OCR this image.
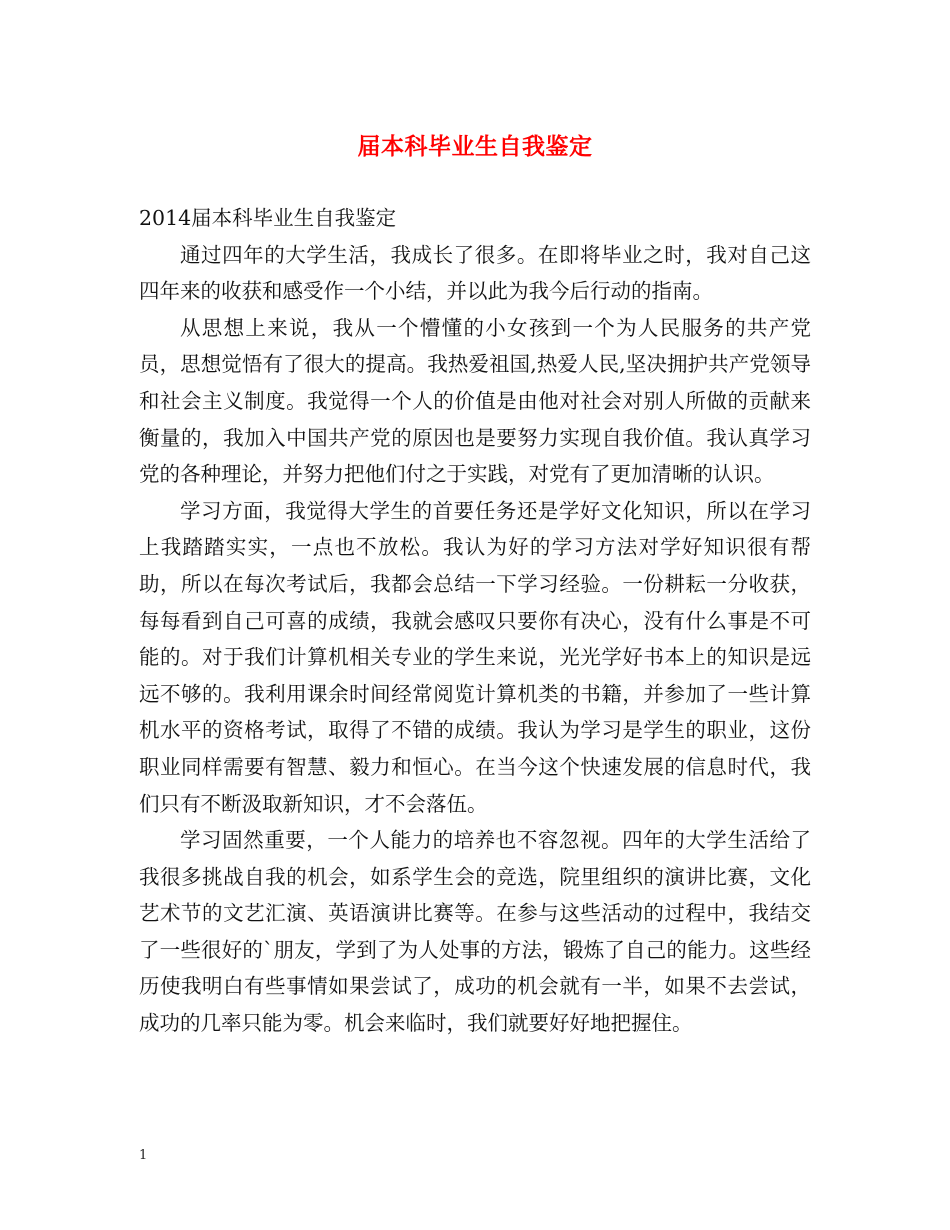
届本科毕业生自我鉴定

2014届本科毕业生自我鉴定

通过四年的大学生活，我成长了很多。在即将毕业之时，我对自己这四年来的收获和感受作一个小结，并以此为我今后行动的指南。

从思想上来说，我从一个懵懂的小女孩到一个为人民服务的共产党员，思想觉悟有了很大的提高。我热爱祖国,热爱人民,坚决拥护共产党领导和社会主义制度。我觉得一个人的价值是由他对社会对别人所做的贡献来衡量的，我加入中国共产党的原因也是要努力实现自我价值。我认真学习党的各种理论，并努力把他们付之于实践，对党有了更加清晰的认识。

学习方面，我觉得大学生的首要任务还是学好文化知识，所以在学习上我踏踏实实，一点也不放松。我认为好的学习方法对学好知识很有帮助，所以在每次考试后，我都会总结一下学习经验。一份耕耘一分收获，每每看到自己可喜的成绩，我就会感叹只要你有决心，没有什么事是不可能的。对于我们计算机相关专业的学生来说，光光学好书本上的知识是远远不够的。我利用课余时间经常阅览计算机类的书籍，并参加了一些计算机水平的资格考试，取得了不错的成绩。我认为学习是学生的职业，这份职业同样需要有智慧、毅力和恒心。在当今这个快速发展的信息时代，我们只有不断汲取新知识，才不会落伍。

学习固然重要，一个人能力的培养也不容忽视。四年的大学生活给了我很多挑战自我的机会，如系学生会的竞选，院里组织的演讲比赛，文化艺术节的文艺汇演、英语演讲比赛等。在参与这些活动的过程中，我结交了一些很好的`朋友，学到了为人处事的方法，锻炼了自己的能力。这些经历使我明白有些事情如果尝试了，成功的机会就有一半，如果不去尝试，成功的几率只能为零。机会来临时，我们就要好好地把握住。

1
